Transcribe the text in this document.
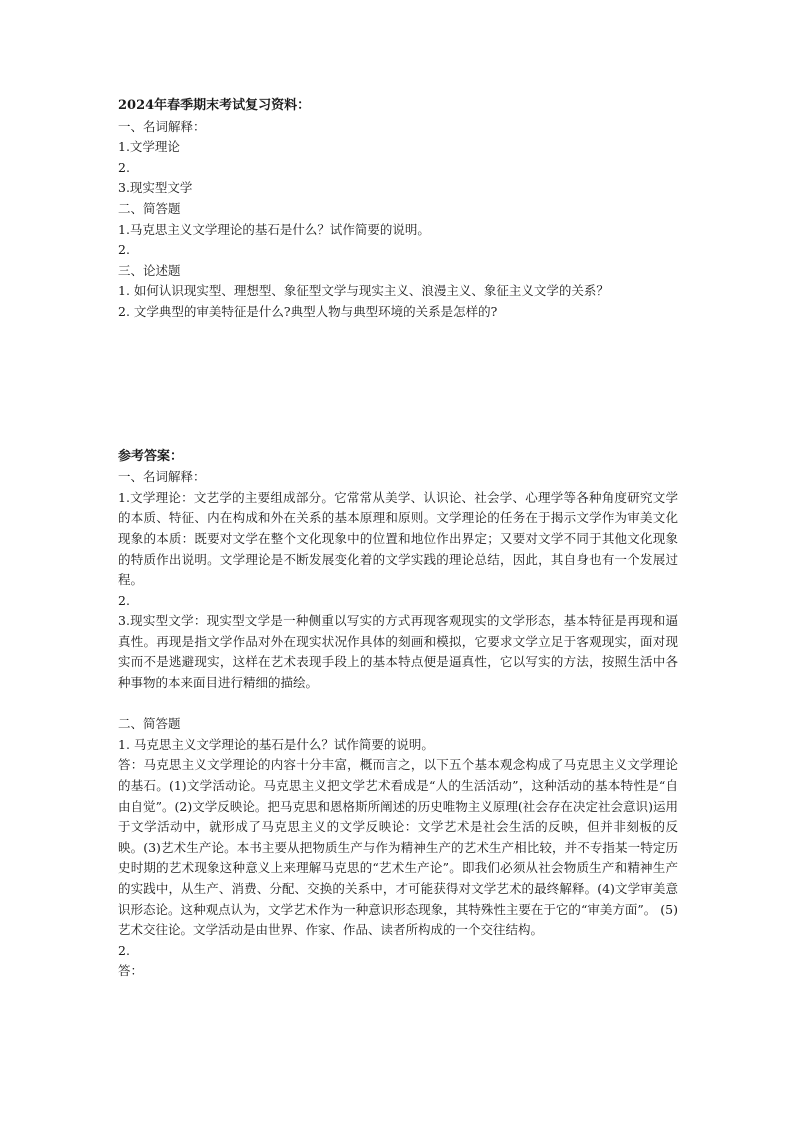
2024年春季期末考试复习资料：

一、名词解释：

1.文学理论

2.

3.现实型文学

二、简答题

1.马克思主义文学理论的基石是什么？试作简要的说明。

2.

三、论述题

1. 如何认识现实型、理想型、象征型文学与现实主义、浪漫主义、象征主义文学的关系？

2. 文学典型的审美特征是什么?典型人物与典型环境的关系是怎样的?

参考答案：

一、名词解释：

1.文学理论：文艺学的主要组成部分。它常常从美学、认识论、社会学、心理学等各种角度研究文学的本质、特征、内在构成和外在关系的基本原理和原则。文学理论的任务在于揭示文学作为审美文化现象的本质：既要对文学在整个文化现象中的位置和地位作出界定；又要对文学不同于其他文化现象的特质作出说明。文学理论是不断发展变化着的文学实践的理论总结，因此，其自身也有一个发展过程。

2.

3.现实型文学：现实型文学是一种侧重以写实的方式再现客观现实的文学形态，基本特征是再现和逼真性。再现是指文学作品对外在现实状况作具体的刻画和模拟，它要求文学立足于客观现实，面对现实而不是逃避现实，这样在艺术表现手段上的基本特点便是逼真性，它以写实的方法，按照生活中各种事物的本来面目进行精细的描绘。

二、简答题

1. 马克思主义文学理论的基石是什么？试作简要的说明。

答：马克思主义文学理论的内容十分丰富，概而言之，以下五个基本观念构成了马克思主义文学理论的基石。(1)文学活动论。马克思主义把文学艺术看成是“人的生活活动”，这种活动的基本特性是“自由自觉”。(2)文学反映论。把马克思和恩格斯所阐述的历史唯物主义原理(社会存在决定社会意识)运用于文学活动中，就形成了马克思主义的文学反映论：文学艺术是社会生活的反映，但并非刻板的反映。(3)艺术生产论。本书主要从把物质生产与作为精神生产的艺术生产相比较，并不专指某一特定历史时期的艺术现象这种意义上来理解马克思的“艺术生产论”。即我们必须从社会物质生产和精神生产的实践中，从生产、消费、分配、交换的关系中，才可能获得对文学艺术的最终解释。(4)文学审美意识形态论。这种观点认为，文学艺术作为一种意识形态现象，其特殊性主要在于它的“审美方面”。 (5)艺术交往论。文学活动是由世界、作家、作品、读者所构成的一个交往结构。

2.

答：
